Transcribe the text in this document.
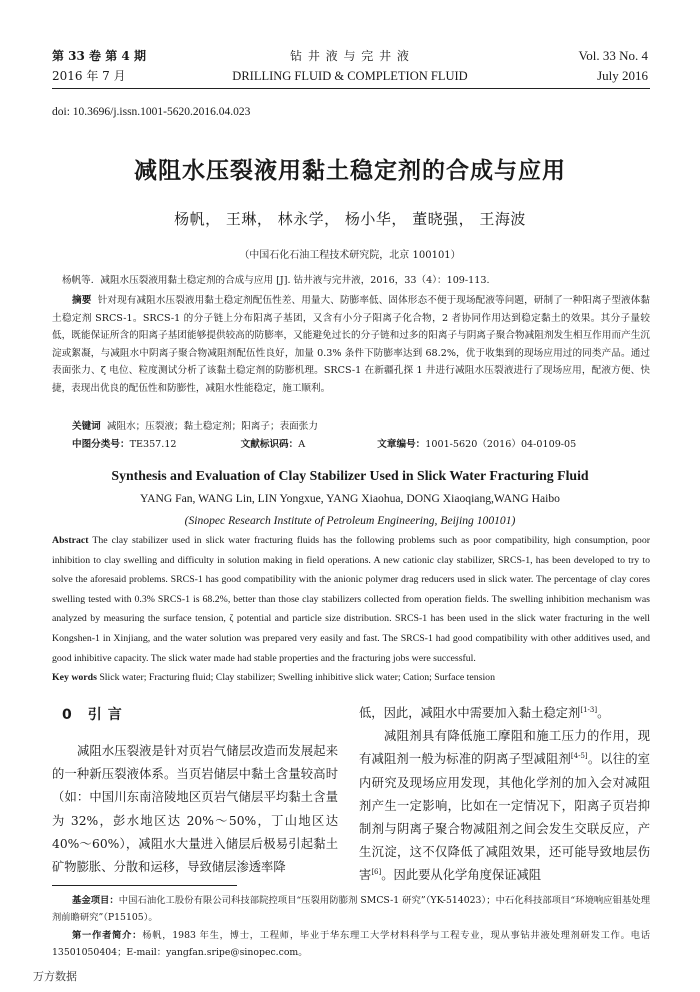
第 33 卷 第 4 期
2016 年 7 月
钻 井 液 与 完 井 液
DRILLING FLUID & COMPLETION FLUID
Vol. 33 No. 4
July 2016
doi: 10.3696/j.issn.1001-5620.2016.04.023
减阻水压裂液用黏土稳定剂的合成与应用
杨帆， 王琳， 林永学， 杨小华， 董晓强， 王海波
（中国石化石油工程技术研究院，北京 100101）
杨帆等．减阻水压裂液用黏土稳定剂的合成与应用 [J]. 钻井液与完井液，2016，33（4）：109-113.
摘要 针对现有减阻水压裂液用黏土稳定剂配伍性差、用量大、防膨率低、固体形态不便于现场配液等问题，研制了一种阳离子型液体黏土稳定剂 SRCS-1。SRCS-1 的分子链上分布阳离子基团，又含有小分子阳离子化合物，2 者协同作用达到稳定黏土的效果。其分子量较低，既能保证所含的阳离子基团能够提供较高的防膨率，又能避免过长的分子链和过多的阳离子与阴离子聚合物减阻剂发生相互作用而产生沉淀或絮凝，与减阻水中阴离子聚合物减阻剂配伍性良好，加量 0.3% 条件下防膨率达到 68.2%，优于收集到的现场应用过的同类产品。通过表面张力、ζ 电位、粒度测试分析了该黏土稳定剂的防膨机理。SRCS-1 在新疆孔探 1 井进行减阻水压裂液进行了现场应用，配液方便、快捷，表现出优良的配伍性和防膨性，减阻水性能稳定，施工顺利。
关键词 减阻水；压裂液；黏土稳定剂；阳离子；表面张力
中图分类号：TE357.12	文献标识码：A	文章编号：1001-5620（2016）04-0109-05
Synthesis and Evaluation of Clay Stabilizer Used in Slick Water Fracturing Fluid
YANG Fan, WANG Lin, LIN Yongxue, YANG Xiaohua, DONG Xiaoqiang,WANG Haibo
(Sinopec Research Institute of Petroleum Engineering, Beijing 100101)
Abstract The clay stabilizer used in slick water fracturing fluids has the following problems such as poor compatibility, high consumption, poor inhibition to clay swelling and difficulty in solution making in field operations. A new cationic clay stabilizer, SRCS-1, has been developed to try to solve the aforesaid problems. SRCS-1 has good compatibility with the anionic polymer drag reducers used in slick water. The percentage of clay cores swelling tested with 0.3% SRCS-1 is 68.2%, better than those clay stabilizers collected from operation fields. The swelling inhibition mechanism was analyzed by measuring the surface tension, ζ potential and particle size distribution. SRCS-1 has been used in the slick water fracturing in the well Kongshen-1 in Xinjiang, and the water solution was prepared very easily and fast. The SRCS-1 had good compatibility with other additives used, and good inhibitive capacity. The slick water made had stable properties and the fracturing jobs were successful.
Key words Slick water; Fracturing fluid; Clay stabilizer; Swelling inhibitive slick water; Cation; Surface tension
0 引言
减阻水压裂液是针对页岩气储层改造而发展起来的一种新压裂液体系。当页岩储层中黏土含量较高时（如：中国川东南涪陵地区页岩气储层平均黏土含量为 32%，彭水地区达 20%～50%，丁山地区达 40%～60%），减阻水大量进入储层后极易引起黏土矿物膨胀、分散和运移，导致储层渗透率降
低，因此，减阻水中需要加入黏土稳定剂[1-3]。
减阻剂具有降低施工摩阻和施工压力的作用，现有减阻剂一般为标准的阴离子型减阻剂[4-5]。以往的室内研究及现场应用发现，其他化学剂的加入会对减阻剂产生一定影响，比如在一定情况下，阳离子页岩抑制剂与阴离子聚合物减阻剂之间会发生交联反应，产生沉淀，这不仅降低了减阻效果，还可能导致地层伤害[6]。因此要从化学角度保证减阻
基金项目：中国石油化工股份有限公司科技部院控项目“压裂用防膨剂 SMCS-1 研究”（YK-514023）；中石化科技部项目“环境响应钼基处理剂前瞻研究”（P15105）。
第一作者简介：杨帆，1983 年生，博士，工程师，毕业于华东理工大学材料科学与工程专业，现从事钻井液处理剂研发工作。电话 13501050404；E-mail：yangfan.sripe@sinopec.com。
万方数据
